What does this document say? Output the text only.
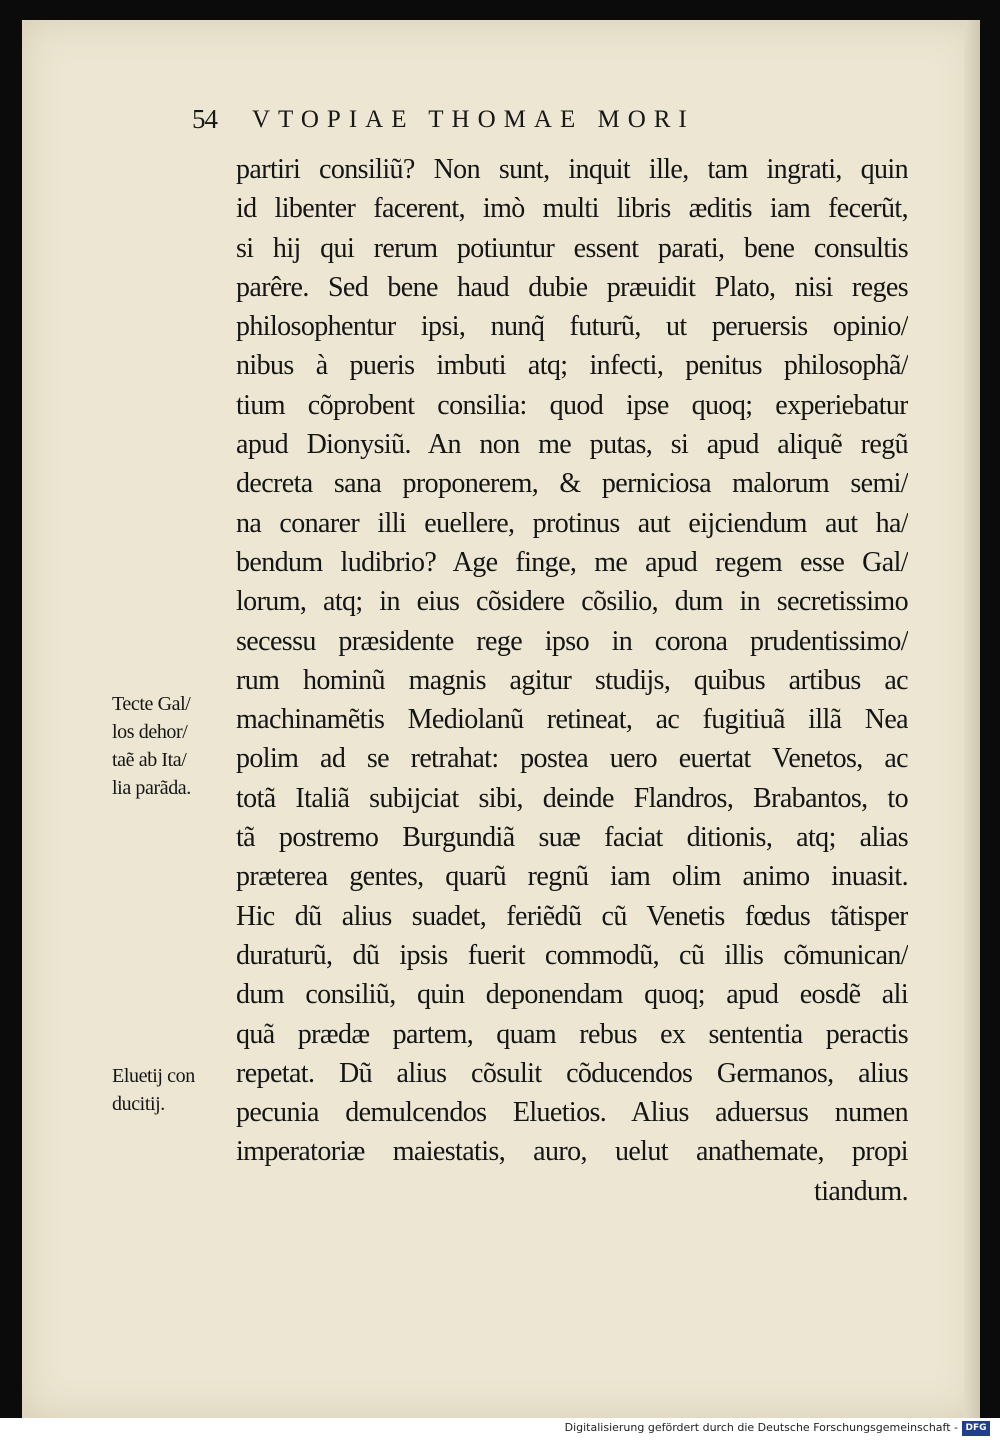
54 VTOPIAE THOMAE MORI
partiri consiliũ? Non sunt, inquit ille, tam ingrati, quin
id libenter facerent, imò multi libris æditis iam fecerũt,
si hij qui rerum potiuntur essent parati, bene consultis
parêre. Sed bene haud dubie præuidit Plato, nisi reges
philosophentur ipsi, nunq̃ futurũ, ut peruersis opinio/
nibus à pueris imbuti atq; infecti, penitus philosophã/
tium cõprobent consilia: quod ipse quoq; experiebatur
apud Dionysiũ. An non me putas, si apud aliquẽ regũ
decreta sana proponerem, & perniciosa malorum semi/
na conarer illi euellere, protinus aut eijciendum aut ha/
bendum ludibrio? Age finge, me apud regem esse Gal/
lorum, atq; in eius cõsidere cõsilio, dum in secretissimo
secessu præsidente rege ipso in corona prudentissimo/
rum hominũ magnis agitur studijs, quibus artibus ac
machinamẽtis Mediolanũ retineat, ac fugitiuã illã Nea
polim ad se retrahat: postea uero euertat Venetos, ac
totã Italiã subijciat sibi, deinde Flandros, Brabantos, to
tã postremo Burgundiã suæ faciat ditionis, atq; alias
præterea gentes, quarũ regnũ iam olim animo inuasit.
Hic dũ alius suadet, feriẽdũ cũ Venetis fœdus tãtisper
duraturũ, dũ ipsis fuerit commodũ, cũ illis cõmunican/
dum consiliũ, quin deponendam quoq; apud eosdẽ ali
quã prædæ partem, quam rebus ex sententia peractis
repetat. Dũ alius cõsulit cõducendos Germanos, alius
pecunia demulcendos Eluetios. Alius aduersus numen
imperatoriæ maiestatis, auro, uelut anathemate, propi
tiandum.
Tecte Gal/
los dehor/
taẽ ab Ita/
lia parãda.
Eluetij con
ducitij.
Digitalisierung gefördert durch die Deutsche Forschungsgemeinschaft - DFG
